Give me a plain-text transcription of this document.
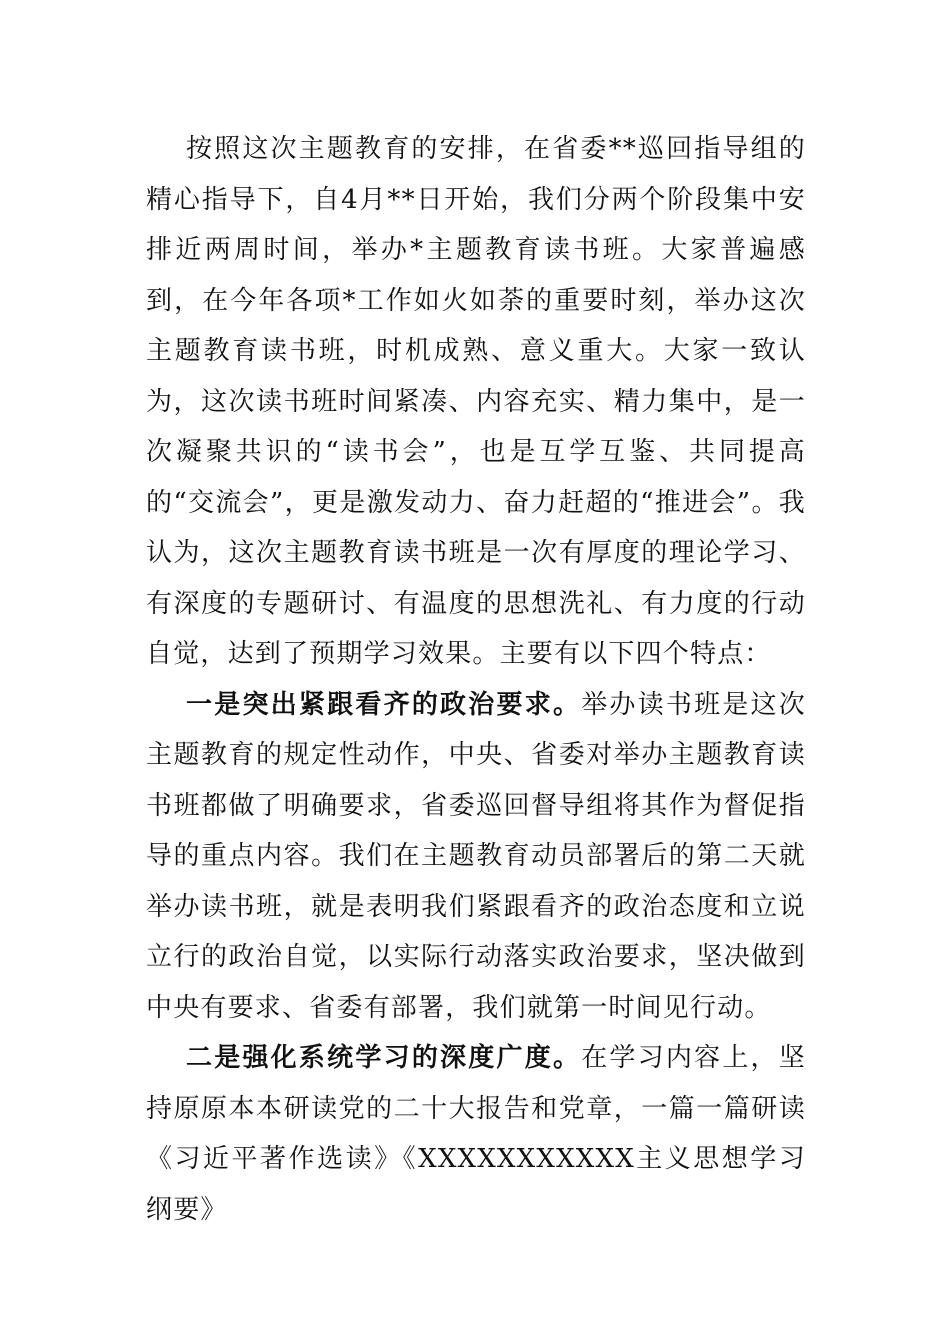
按照这次主题教育的安排，在省委**巡回指导组的精心指导下，自4月**日开始，我们分两个阶段集中安排近两周时间，举办*主题教育读书班。大家普遍感到，在今年各项*工作如火如荼的重要时刻，举办这次主题教育读书班，时机成熟、意义重大。大家一致认为，这次读书班时间紧凑、内容充实、精力集中，是一次凝聚共识的“读书会”，也是互学互鉴、共同提高的“交流会”，更是激发动力、奋力赶超的“推进会”。我认为，这次主题教育读书班是一次有厚度的理论学习、有深度的专题研讨、有温度的思想洗礼、有力度的行动自觉，达到了预期学习效果。主要有以下四个特点：

一是突出紧跟看齐的政治要求。举办读书班是这次主题教育的规定性动作，中央、省委对举办主题教育读书班都做了明确要求，省委巡回督导组将其作为督促指导的重点内容。我们在主题教育动员部署后的第二天就举办读书班，就是表明我们紧跟看齐的政治态度和立说立行的政治自觉，以实际行动落实政治要求，坚决做到中央有要求、省委有部署，我们就第一时间见行动。

二是强化系统学习的深度广度。在学习内容上，坚持原原本本研读党的二十大报告和党章，一篇一篇研读《习近平著作选读》《XXXXXXXXXXX主义思想学习纲要》
